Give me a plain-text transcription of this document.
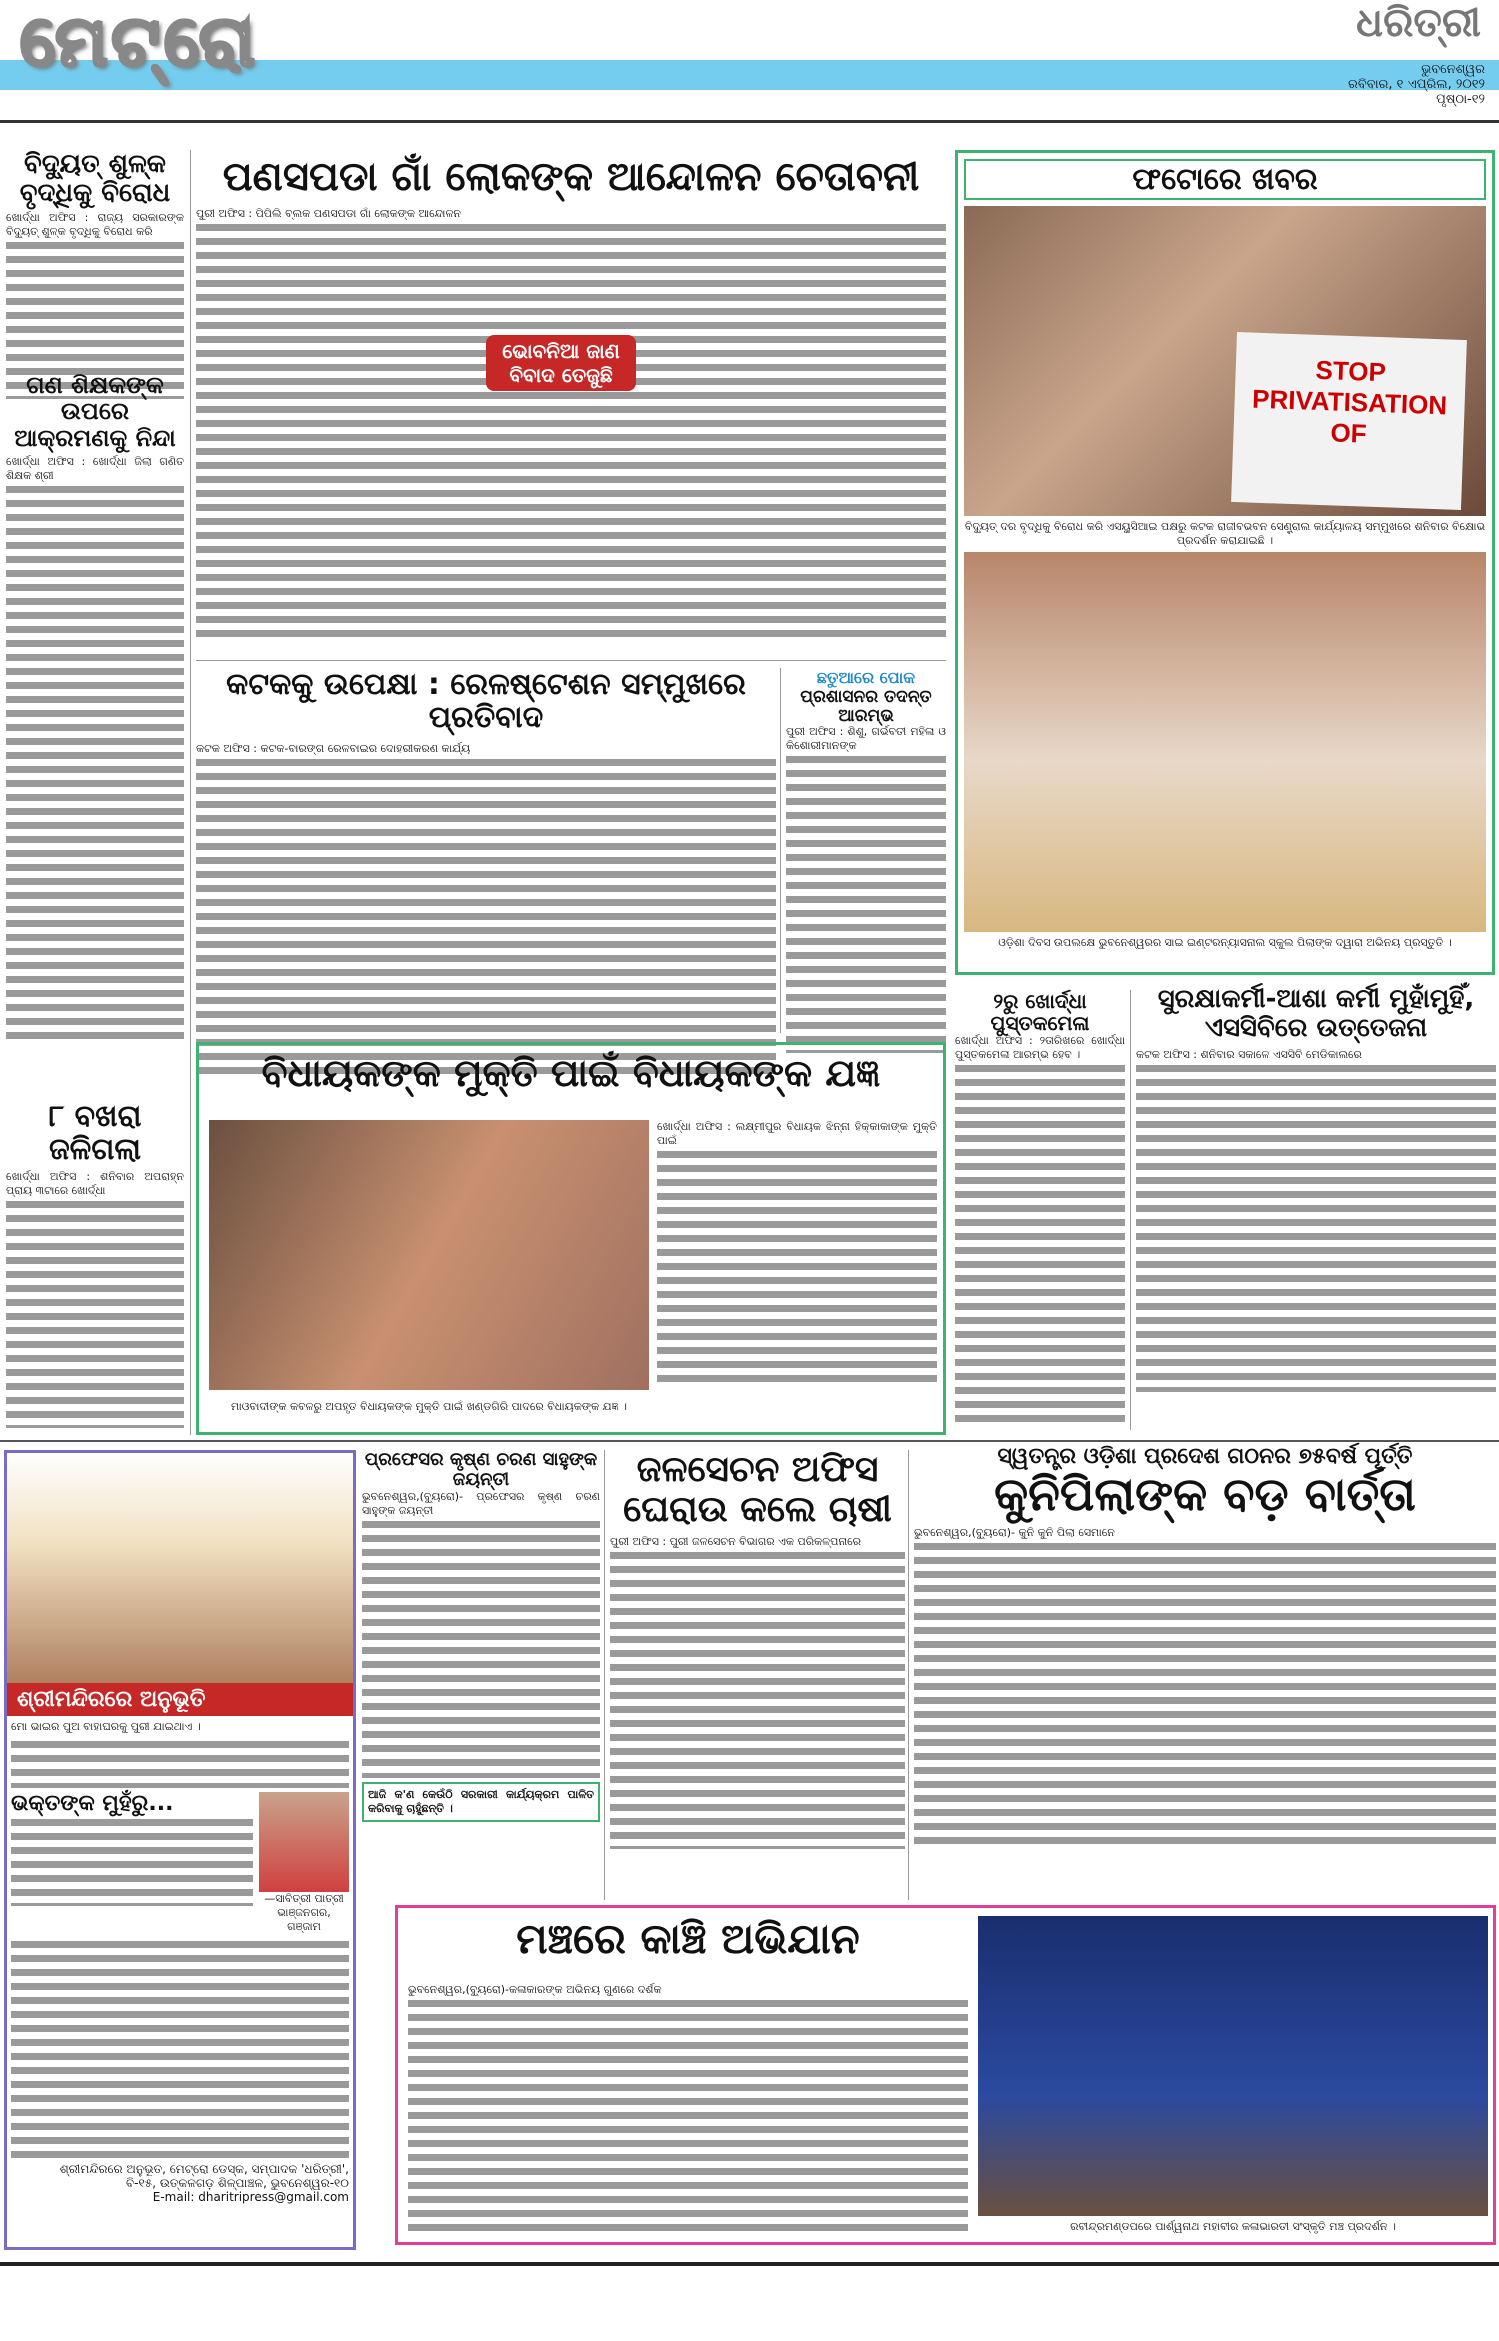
ମେଟ୍ରୋ	ଧରିତ୍ରୀ
ଭୁବନେଶ୍ୱର
ରବିବାର, ୧ ଏପ୍ରିଲ, ୨୦୧୨
ପୃଷ୍ଠା-୧୨
ବିଦ୍ୟୁତ୍ ଶୁଳ୍କ ବୃଦ୍ଧିକୁ ବିରୋଧ
ଖୋର୍ଦ୍ଧା ଅଫିସ : ରାଜ୍ୟ ସରକାରଙ୍କ ବିଦ୍ୟୁତ୍ ଶୁଳ୍କ ବୃଦ୍ଧିକୁ ବିରୋଧ କରି
ଗଣ ଶିକ୍ଷକଙ୍କ ଉପରେ ଆକ୍ରମଣକୁ ନିନ୍ଦା
ଖୋର୍ଦ୍ଧା ଅଫିସ : ଖୋର୍ଦ୍ଧା ଜିଲା ଗଣିତ ଶିକ୍ଷକ ଶ୍ରୀ
୮ ବଖରା ଜଳିଗଲା
ଖୋର୍ଦ୍ଧା ଅଫିସ : ଶନିବାର ଅପରାହ୍ନ ପ୍ରାୟ ୩ଟାରେ ଖୋର୍ଦ୍ଧା
ପଣସପଡା ଗାଁ ଲୋକଙ୍କ ଆନ୍ଦୋଳନ ଚେତାବନୀ
ପୁରୀ ଅଫିସ : ପିପିଲି ବ୍ଲକ ପଣସପଡା ଗାଁ ଲୋକଙ୍କ ଆନ୍ଦୋଳନ
ଭୋବନିଆ ଜାଣ ବିବାଦ ତେଜୁଛି
ଫଟୋରେ ଖବର
STOP PRIVATISATION OF
ବିଦ୍ୟୁତ୍ ଦର ବୃଦ୍ଧିକୁ ବିରୋଧ କରି ଏସୟୁସିଆଇ ପକ୍ଷରୁ କଟକ ରାଜୀବଭବନ ସେଣ୍ଟ୍ରାଲ କାର୍ଯ୍ୟାଳୟ ସମ୍ମୁଖରେ ଶନିବାର ବିକ୍ଷୋଭ ପ୍ରଦର୍ଶନ କରାଯାଇଛି ।
ଓଡ଼ିଶା ଦିବସ ଉପଲକ୍ଷେ ଭୁବନେଶ୍ୱରର ସାଇ ଇଣ୍ଟରନ୍ୟାସନାଲ ସ୍କୁଲ ପିଲାଙ୍କ ଦ୍ୱାରା ଅଭିନୟ ପ୍ରସ୍ତୁତି ।
କଟକକୁ ଉପେକ୍ଷା : ରେଳଷ୍ଟେଶନ ସମ୍ମୁଖରେ ପ୍ରତିବାଦ
କଟକ ଅଫିସ : କଟକ-ବାରଙ୍ଗ ରେଳବାଇର ଦୋହରୀକରଣ କାର୍ଯ୍ୟ
ଛତୁଆରେ ପୋକ
ପ୍ରଶାସନର ତଦନ୍ତ ଆରମ୍ଭ
ପୁରୀ ଅଫିସ : ଶିଶୁ, ଗର୍ଭବତୀ ମହିଳା ଓ କିଶୋରୀମାନଙ୍କ
ବିଧାୟକଙ୍କ ମୁକ୍ତି ପାଇଁ ବିଧାୟକଙ୍କ ଯଜ୍ଞ
ଖୋର୍ଦ୍ଧା ଅଫିସ : ଲକ୍ଷ୍ମୀପୁର ବିଧାୟକ ଝିନ୍ନା ହିକ୍କାକାଙ୍କ ମୁକ୍ତି ପାଇଁ
ମାଓବାଦୀଙ୍କ କବଳରୁ ଅପହୃତ ବିଧାୟକଙ୍କ ମୁକ୍ତି ପାଇଁ ଖଣ୍ଡଗିରି ପାଦରେ ବିଧାୟକଙ୍କ ଯଜ୍ଞ ।
୨ରୁ ଖୋର୍ଦ୍ଧା ପୁସ୍ତକମେଳା
ଖୋର୍ଦ୍ଧା ଅଫିସ : ୨ତାରିଖରେ ଖୋର୍ଦ୍ଧା ପୁସ୍ତକମେଳା ଆରମ୍ଭ ହେବ ।
ସୁରକ୍ଷାକର୍ମୀ-ଆଶା କର୍ମୀ ମୁହାଁମୁହିଁ, ଏସସିବିରେ ଉତ୍ତେଜନା
କଟକ ଅଫିସ : ଶନିବାର ସକାଳେ ଏସସିବି ମେଡିକାଲରେ
ଶ୍ରୀମନ୍ଦିରରେ ଅନୁଭୂତି
ମୋ ଭାଇର ପୁଅ ବାହାଘରକୁ ପୁରୀ ଯାଇଥାଏ ।
ଭକ୍ତଙ୍କ ମୁହଁରୁ...
—ସାବିତ୍ରୀ ପାତ୍ରୀ ଭାଞ୍ଜନଗର, ଗଞ୍ଜାମ
ଶ୍ରୀମନ୍ଦିରରେ ଅନୁଭୂତ, ମେଟ୍ରୋ ଡେସ୍କ, ସମ୍ପାଦକ 'ଧରିତ୍ରୀ',
ବି-୧୫, ଉତ୍କଳଗଡ଼ ଶିଳ୍ପାଞ୍ଚଳ, ଭୁବନେଶ୍ୱର-୧୦
E-mail: dharitripress@gmail.com
ପ୍ରଫେସର କୃଷ୍ଣ ଚରଣ ସାହୁଙ୍କ ଜୟନ୍ତୀ
ଭୁବନେଶ୍ୱର,(ବ୍ୟୁରୋ)- ପ୍ରଫେସର କୃଷ୍ଣ ଚରଣ ସାହୁଙ୍କ ଜୟନ୍ତୀ
ଆଜି କ'ଣ କେଉଁଠି ସରକାରୀ କାର୍ଯ୍ୟକ୍ରମ ପାଳିତ କରିବାକୁ ଚାହୁଁଛନ୍ତି ।
ଜଳସେଚନ ଅଫିସ ଘେରାଉ କଲେ ଚାଷୀ
ପୁରୀ ଅଫିସ : ପୁରୀ ଜଳସେଚନ ବିଭାଗର ଏକ ପରିକଳ୍ପନାରେ
ସ୍ୱତନ୍ତ୍ର ଓଡ଼ିଶା ପ୍ରଦେଶ ଗଠନର ୭୫ବର୍ଷ ପୂର୍ତ୍ତି
କୁନିପିଲାଙ୍କ ବଡ଼ ବାର୍ତ୍ତା
ଭୁବନେଶ୍ୱର,(ବ୍ୟୁରୋ)- କୁନି କୁନି ପିଲା ସେମାନେ
ମଞ୍ଚରେ କାଞ୍ଚି ଅଭିଯାନ
ଭୁବନେଶ୍ୱର,(ବ୍ୟୁରୋ)-କଳାକାରଙ୍କ ଅଭିନୟ ଗୁଣରେ ଦର୍ଶକ
ରବୀନ୍ଦ୍ରମଣ୍ଡପରେ ପାର୍ଶ୍ୱନାଥ ମହାବୀର କଳାଭାରତୀ ସଂସ୍କୃତି ମଞ୍ଚ ପ୍ରଦର୍ଶନ ।
